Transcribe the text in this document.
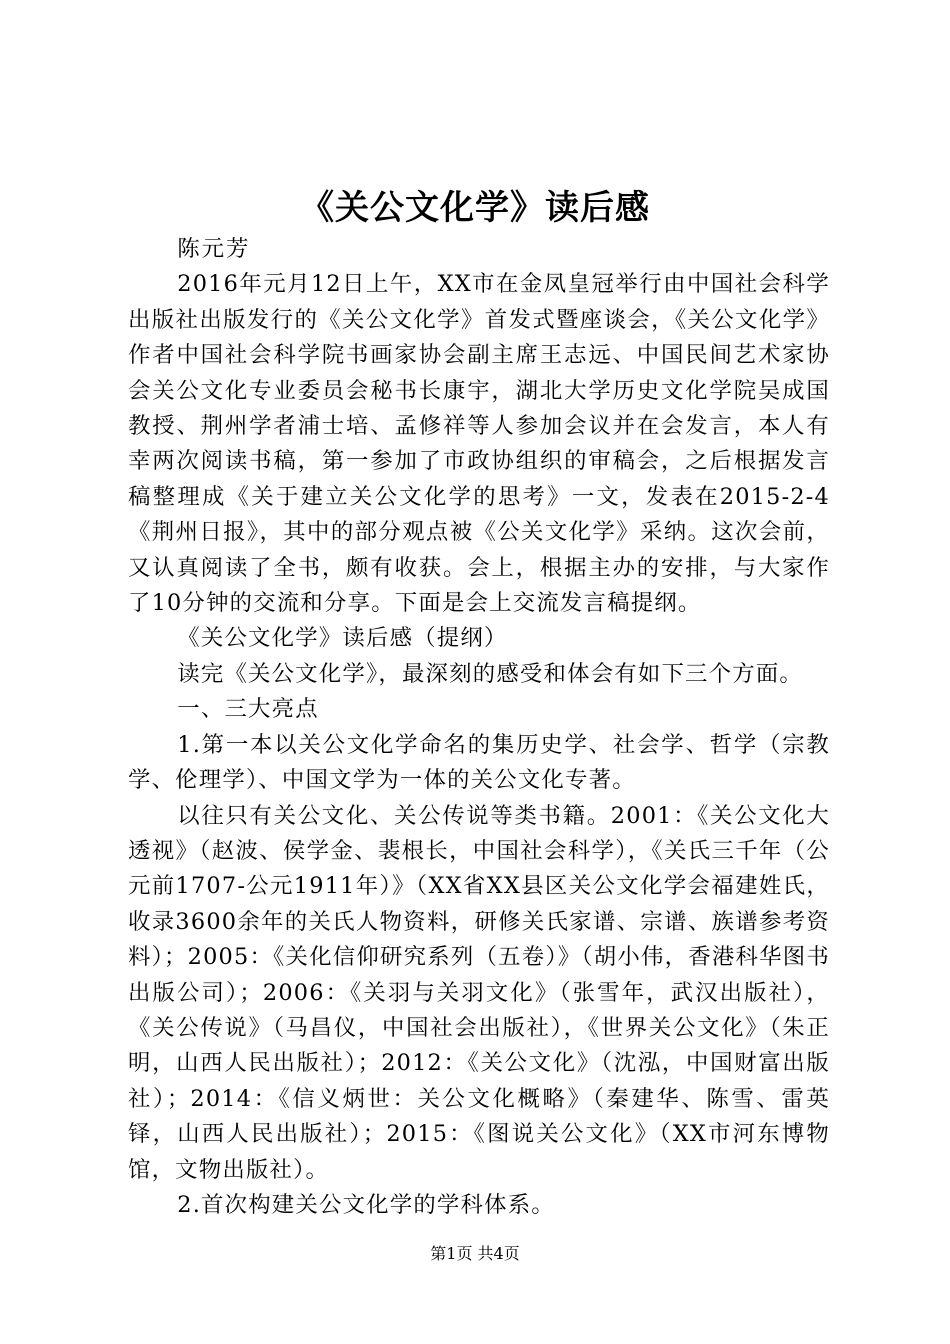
《关公文化学》读后感

陈元芳

2016年元月12日上午，XX市在金凤皇冠举行由中国社会科学出版社出版发行的《关公文化学》首发式暨座谈会，《关公文化学》作者中国社会科学院书画家协会副主席王志远、中国民间艺术家协会关公文化专业委员会秘书长康宇，湖北大学历史文化学院吴成国教授、荆州学者浦士培、孟修祥等人参加会议并在会发言，本人有幸两次阅读书稿，第一参加了市政协组织的审稿会，之后根据发言稿整理成《关于建立关公文化学的思考》一文，发表在2015-2-4《荆州日报》，其中的部分观点被《公关文化学》采纳。这次会前，又认真阅读了全书，颇有收获。会上，根据主办的安排，与大家作了10分钟的交流和分享。下面是会上交流发言稿提纲。

《关公文化学》读后感（提纲）

读完《关公文化学》，最深刻的感受和体会有如下三个方面。

一、三大亮点

1.第一本以关公文化学命名的集历史学、社会学、哲学（宗教学、伦理学）、中国文学为一体的关公文化专著。

以往只有关公文化、关公传说等类书籍。2001：《关公文化大透视》（赵波、侯学金、裴根长，中国社会科学），《关氏三千年（公元前1707-公元1911年）》（XX省XX县区关公文化学会福建姓氏，收录3600余年的关氏人物资料，研修关氏家谱、宗谱、族谱参考资料）；2005：《关化信仰研究系列（五卷）》（胡小伟，香港科华图书出版公司）；2006：《关羽与关羽文化》（张雪年，武汉出版社），《关公传说》（马昌仪，中国社会出版社），《世界关公文化》（朱正明，山西人民出版社）；2012：《关公文化》（沈泓，中国财富出版社）；2014：《信义炳世：关公文化概略》（秦建华、陈雪、雷英铎，山西人民出版社）；2015：《图说关公文化》（XX市河东博物馆，文物出版社）。

2.首次构建关公文化学的学科体系。

第1页 共4页
